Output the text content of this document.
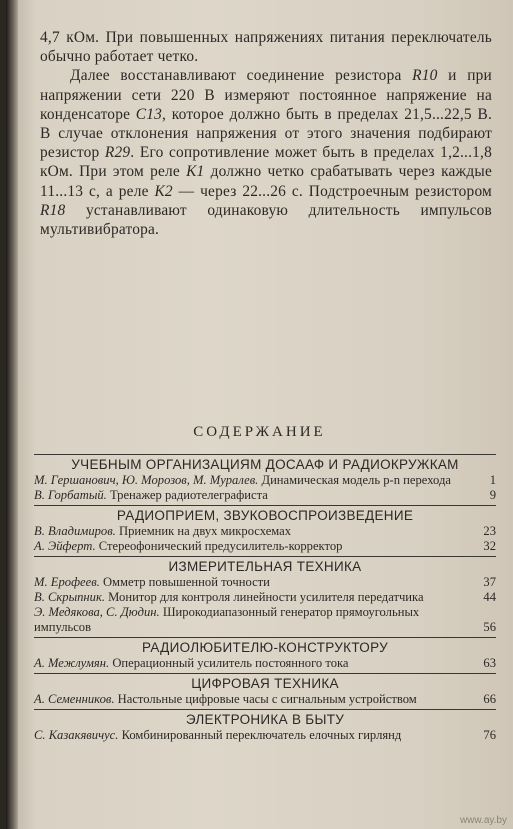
4,7 кОм. При повышенных напряжениях питания переключатель обычно работает четко.

Далее восстанавливают соединение резистора R10 и при напряжении сети 220 В измеряют постоянное напряжение на конденсаторе C13, которое должно быть в пределах 21,5...22,5 В. В случае отклонения напряжения от этого значения подбирают резистор R29. Его сопротивление может быть в пределах 1,2...1,8 кОм. При этом реле K1 должно четко срабатывать через каждые 11...13 с, а реле K2 — через 22...26 с. Подстроечным резистором R18 устанавливают одинаковую длительность импульсов мультивибратора.

СОДЕРЖАНИЕ
УЧЕБНЫМ ОРГАНИЗАЦИЯМ ДОСААФ И РАДИОКРУЖКАМ
М. Гершанович, Ю. Морозов, М. Муралев. Динамическая модель p-n перехода	1
В. Горбатый. Тренажер радиотелеграфиста	9
РАДИОПРИЕМ, ЗВУКОВОСПРОИЗВЕДЕНИЕ
В. Владимиров. Приемник на двух микросхемах	23
А. Эйферт. Стереофонический предусилитель-корректор	32
ИЗМЕРИТЕЛЬНАЯ ТЕХНИКА
М. Ерофеев. Омметр повышенной точности	37
В. Скрыпник. Монитор для контроля линейности усилителя передатчика	44
Э. Медякова, С. Дюдин. Широкодиапазонный генератор прямоугольных импульсов	56
РАДИОЛЮБИТЕЛЮ-КОНСТРУКТОРУ
А. Межлумян. Операционный усилитель постоянного тока	63
ЦИФРОВАЯ ТЕХНИКА
А. Семенников. Настольные цифровые часы с сигнальным устройством	66
ЭЛЕКТРОНИКА В БЫТУ
С. Казакявичус. Комбинированный переключатель елочных гирлянд	76
www.ay.by
